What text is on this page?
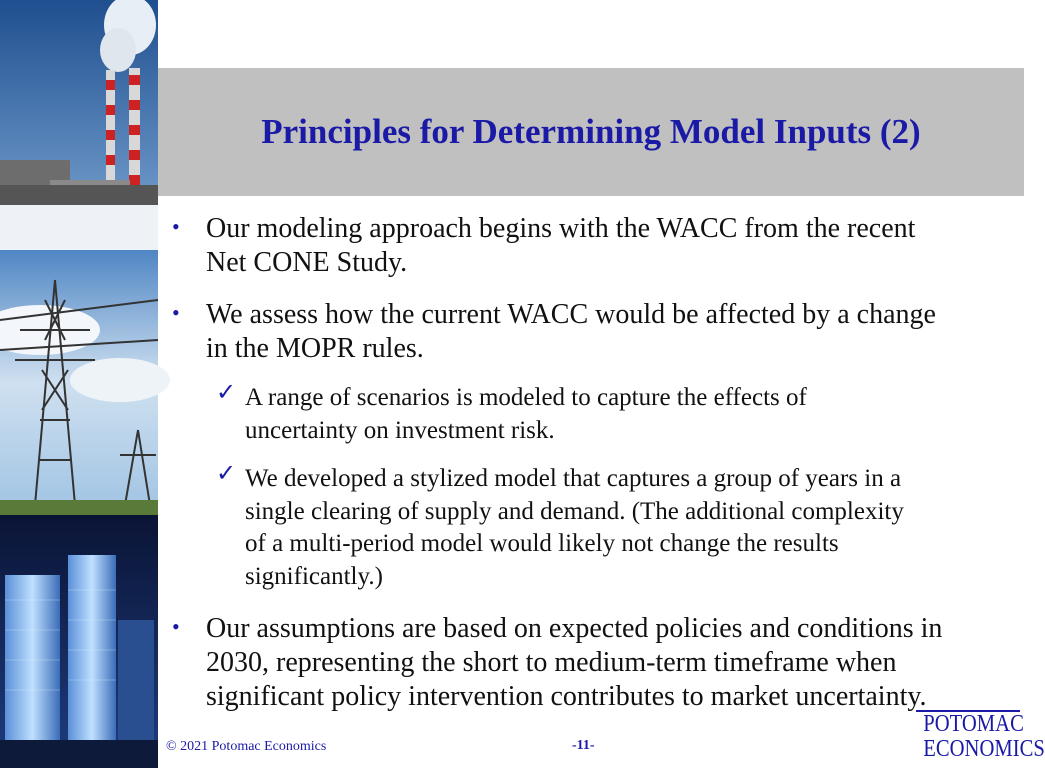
Principles for Determining Model Inputs (2)
• Our modeling approach begins with the WACC from the recent
Net CONE Study.
• We assess how the current WACC would be affected by a change
in the MOPR rules.
✓ A range of scenarios is modeled to capture the effects of
uncertainty on investment risk.
✓ We developed a stylized model that captures a group of years in a
single clearing of supply and demand. (The additional complexity
of a multi-period model would likely not change the results
significantly.)
• Our assumptions are based on expected policies and conditions in
2030, representing the short to medium-term timeframe when
significant policy intervention contributes to market uncertainty.
© 2021 Potomac Economics	-11-
POTOMAC
ECONOMICS
